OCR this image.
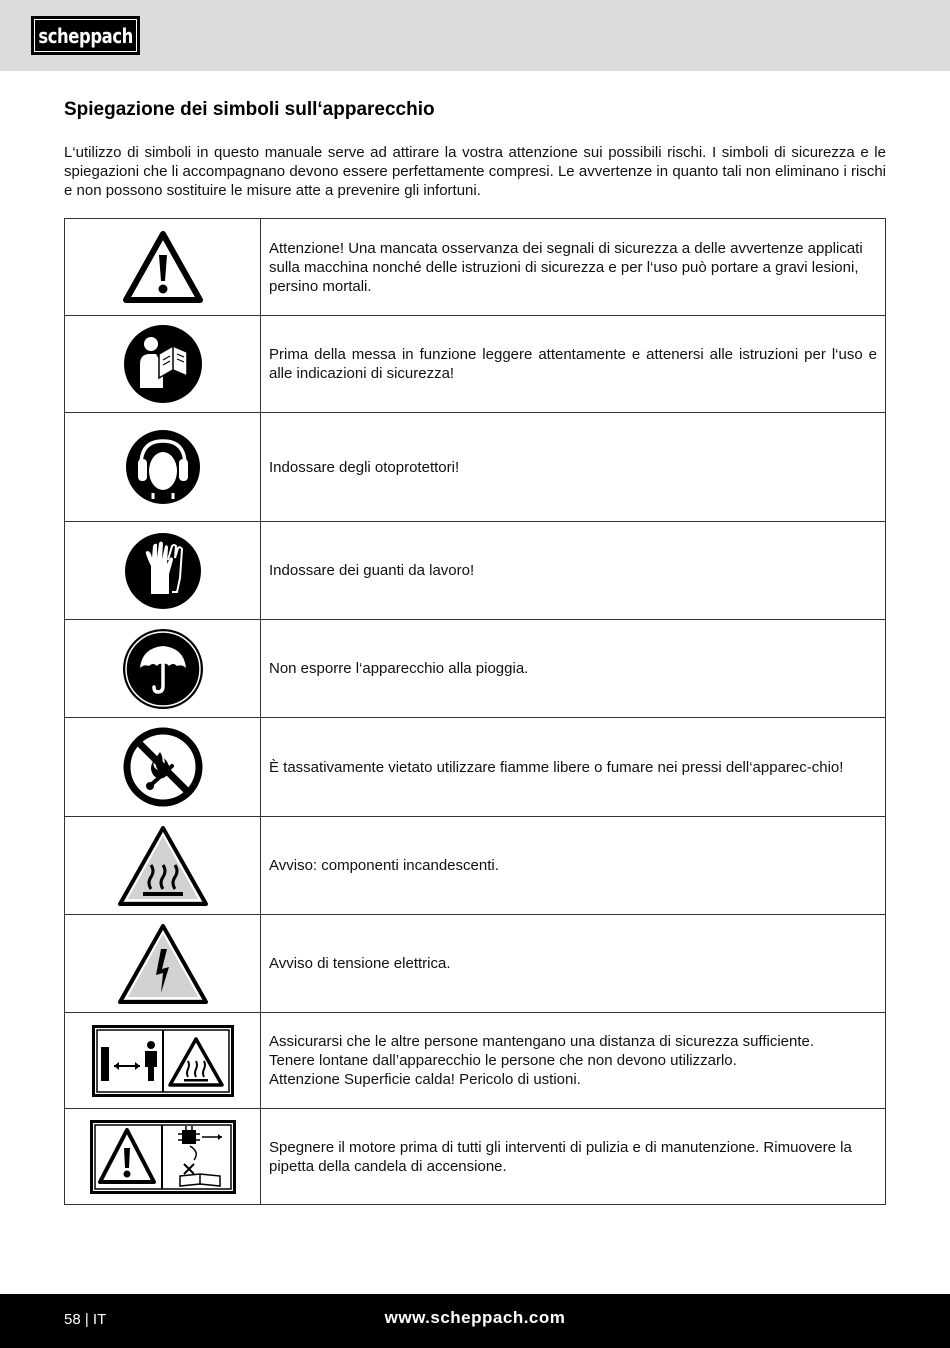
scheppach
Spiegazione dei simboli sull‘apparecchio

L‘utilizzo di simboli in questo manuale serve ad attirare la vostra attenzione sui possibili rischi. I simboli di sicurezza e le spiegazioni che li accompagnano devono essere perfettamente compresi. Le avvertenze in quanto tali non eliminano i rischi e non possono sostituire le misure atte a prevenire gli infortuni.

	Attenzione! Una mancata osservanza dei segnali di sicurezza a delle avvertenze applicati sulla macchina nonché delle istruzioni di sicurezza e per l‘uso può portare a gravi lesioni, persino mortali.

	Prima della messa in funzione leggere attentamente e attenersi alle istruzioni per l‘uso e alle indicazioni di sicurezza!

	Indossare degli otoprotettori!

	Indossare dei guanti da lavoro!

	Non esporre l‘apparecchio alla pioggia.

	È tassativamente vietato utilizzare fiamme libere o fumare nei pressi dell‘apparec-chio!

	Avviso: componenti incandescenti.

	Avviso di tensione elettrica.

Assicurarsi che le altre persone mantengano una distanza di sicurezza sufficiente.
Tenere lontane dall’apparecchio le persone che non devono utilizzarlo.
Attenzione Superficie calda! Pericolo di ustioni.

	Spegnere il motore prima di tutti gli interventi di pulizia e di manutenzione. Rimuovere la pipetta della candela di accensione.
58 | IT	www.scheppach.com
